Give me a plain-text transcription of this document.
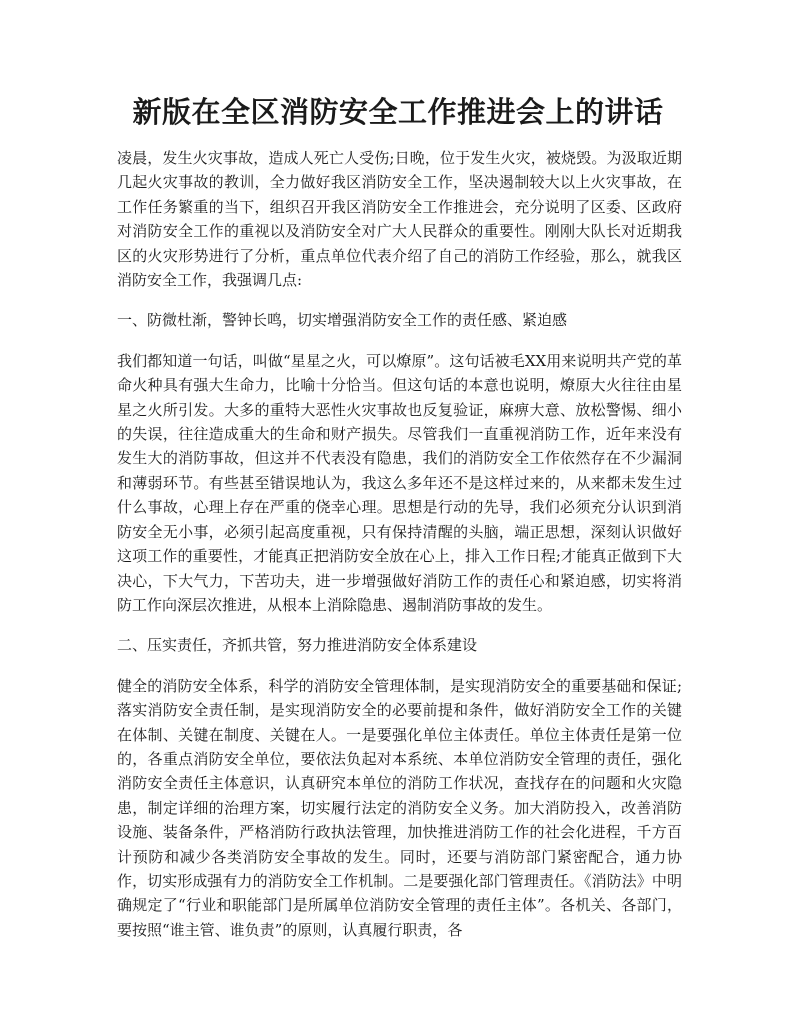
新版在全区消防安全工作推进会上的讲话

凌晨，发生火灾事故，造成人死亡人受伤;日晚，位于发生火灾，被烧毁。为汲取近期几起火灾事故的教训，全力做好我区消防安全工作，坚决遏制较大以上火灾事故，在工作任务繁重的当下，组织召开我区消防安全工作推进会，充分说明了区委、区政府对消防安全工作的重视以及消防安全对广大人民群众的重要性。刚刚大队长对近期我区的火灾形势进行了分析，重点单位代表介绍了自己的消防工作经验，那么，就我区消防安全工作，我强调几点:

一、防微杜渐，警钟长鸣，切实增强消防安全工作的责任感、紧迫感

我们都知道一句话，叫做“星星之火，可以燎原”。这句话被毛XX用来说明共产党的革命火种具有强大生命力，比喻十分恰当。但这句话的本意也说明，燎原大火往往由星星之火所引发。大多的重特大恶性火灾事故也反复验证，麻痹大意、放松警惕、细小的失误，往往造成重大的生命和财产损失。尽管我们一直重视消防工作，近年来没有发生大的消防事故，但这并不代表没有隐患，我们的消防安全工作依然存在不少漏洞和薄弱环节。有些甚至错误地认为，我这么多年还不是这样过来的，从来都未发生过什么事故，心理上存在严重的侥幸心理。思想是行动的先导，我们必须充分认识到消防安全无小事，必须引起高度重视，只有保持清醒的头脑，端正思想，深刻认识做好这项工作的重要性，才能真正把消防安全放在心上，排入工作日程;才能真正做到下大决心，下大气力，下苦功夫，进一步增强做好消防工作的责任心和紧迫感，切实将消防工作向深层次推进，从根本上消除隐患、遏制消防事故的发生。

二、压实责任，齐抓共管，努力推进消防安全体系建设

健全的消防安全体系，科学的消防安全管理体制，是实现消防安全的重要基础和保证;落实消防安全责任制，是实现消防安全的必要前提和条件，做好消防安全工作的关键在体制、关键在制度、关键在人。一是要强化单位主体责任。单位主体责任是第一位的，各重点消防安全单位，要依法负起对本系统、本单位消防安全管理的责任，强化消防安全责任主体意识，认真研究本单位的消防工作状况，查找存在的问题和火灾隐患，制定详细的治理方案，切实履行法定的消防安全义务。加大消防投入，改善消防设施、装备条件，严格消防行政执法管理，加快推进消防工作的社会化进程，千方百计预防和减少各类消防安全事故的发生。同时，还要与消防部门紧密配合，通力协作，切实形成强有力的消防安全工作机制。二是要强化部门管理责任。《消防法》中明确规定了“行业和职能部门是所属单位消防安全管理的责任主体”。各机关、各部门，要按照“谁主管、谁负责”的原则，认真履行职责，各
